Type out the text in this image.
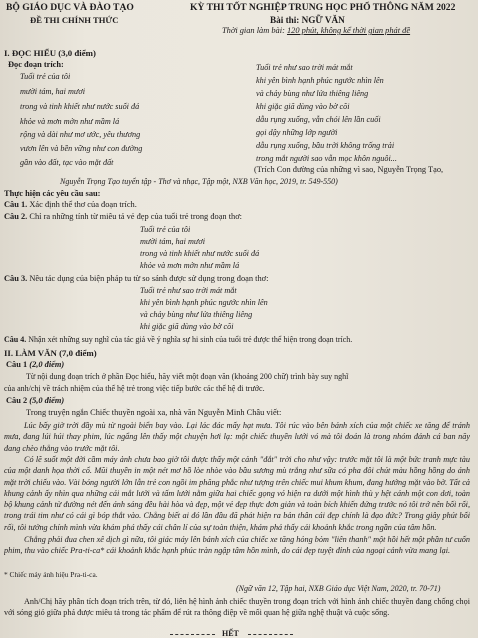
BỘ GIÁO DỤC VÀ ĐÀO TẠO	KỲ THI TỐT NGHIỆP TRUNG HỌC PHỔ THÔNG NĂM 2022
ĐỀ THI CHÍNH THỨC	Bài thi: NGỮ VĂN
Thời gian làm bài: 120 phút, không kể thời gian phát đề
I. ĐỌC HIỂU (3,0 điểm)
Đọc đoạn trích:
Tuổi trẻ của tôi
mười tám, hai mươi
trong và tinh khiết như nước suối đá
khỏe và mơn mởn như mầm lá
rộng và dài như mơ ước, yêu thương
vươn lên và bền vững như con đường
gần vào đất, tạc vào mặt đất
Tuổi trẻ như sao trời mát mắt
khi yên bình hạnh phúc ngước nhìn lên
và chảy bùng như lửa thiêng liêng
khi giặc giã dùng vào bờ cõi
dẫu rụng xuống, vẫn chói lên lần cuối
gọi dậy những lớp người
dẫu rụng xuống, bầu trời không trống trải
trong mắt người sao vẫn mọc khôn nguôi...
(Trích Con đường của những vì sao, Nguyễn Trọng Tạo,
Nguyễn Trọng Tạo tuyển tập - Thơ và nhạc, Tập một, NXB Văn học, 2019, tr. 549-550)
Thực hiện các yêu cầu sau:
Câu 1. Xác định thể thơ của đoạn trích.
Câu 2. Chỉ ra những tính từ miêu tả vẻ đẹp của tuổi trẻ trong đoạn thơ:
Tuổi trẻ của tôi
mười tám, hai mươi
trong và tinh khiết như nước suối đá
khỏe và mơn mởn như mầm lá
Câu 3. Nêu tác dụng của biện pháp tu từ so sánh được sử dụng trong đoạn thơ:
Tuổi trẻ như sao trời mát mắt
khi yên bình hạnh phúc ngước nhìn lên
và chảy bùng như lửa thiêng liêng
khi giặc giã dùng vào bờ cõi
Câu 4. Nhận xét những suy nghĩ của tác giả về ý nghĩa sự hi sinh của tuổi trẻ được thể hiện trong đoạn trích.
II. LÀM VĂN (7,0 điểm)
Câu 1 (2,0 điểm)
Từ nội dung đoạn trích ở phần Đọc hiểu, hãy viết một đoạn văn (khoảng 200 chữ) trình bày suy nghĩ
của anh/chị về trách nhiệm của thế hệ trẻ trong việc tiếp bước các thế hệ đi trước.
Câu 2 (5,0 điểm)
Trong truyện ngắn Chiếc thuyền ngoài xa, nhà văn Nguyễn Minh Châu viết:
Lúc bấy giờ trời đầy mù từ ngoài biển bay vào. Lại lác đác mấy hạt mưa. Tôi rúc vào bên bánh xích của một chiếc xe tăng để tránh mưa, đang lúi húi thay phim, lúc ngẩng lên thấy một chuyện hơi lạ: một chiếc thuyền lưới vó mà tôi đoán là trong nhóm đánh cá ban nãy đang chèo thẳng vào trước mặt tôi.
Có lẽ suốt một đời cầm máy ảnh chưa bao giờ tôi được thấy một cảnh "đắt" trời cho như vậy: trước mặt tôi là một bức tranh mực tàu của một danh họa thời cổ. Mũi thuyền in một nét mơ hồ lòe nhòe vào bầu sương mù trắng như sữa có pha đôi chút màu hồng hồng do ánh mặt trời chiếu vào. Vài bóng người lớn lẫn trẻ con ngồi im phăng phắc như tượng trên chiếc mui khum khum, đang hướng mặt vào bờ. Tất cả khung cảnh ấy nhìn qua những cái mắt lưới và tấm lưới nằm giữa hai chiếc gọng vó hiện ra dưới một hình thù y hệt cánh một con dơi, toàn bộ khung cảnh từ đường nét đến ánh sáng đều hài hòa và đẹp, một vẻ đẹp thực đơn giản và toàn bích khiến đứng trước nó tôi trở nên bối rối, trong trái tim như có cái gì bóp thắt vào. Chẳng biết ai đó lần đầu đã phát hiện ra bản thân cái đẹp chính là đạo đức? Trong giây phút bối rối, tôi tưởng chính mình vừa khám phá thấy cái chân lí của sự toàn thiện, khám phá thấy cái khoảnh khắc trong ngần của tâm hồn.
Chẳng phải đua chen xê dịch gì nữa, tôi giác máy lên bánh xích của chiếc xe tăng hỏng bỏm "liên thanh" một hồi hết một phần tư cuốn phim, thu vào chiếc Pra-ti-ca* cái khoảnh khắc hạnh phúc tràn ngập tâm hồn mình, do cái đẹp tuyệt đỉnh của ngoại cảnh vừa mang lại.
* Chiếc máy ảnh hiệu Pra-ti-ca.
(Ngữ văn 12, Tập hai, NXB Giáo dục Việt Nam, 2020, tr. 70-71)
Anh/Chị hãy phân tích đoạn trích trên, từ đó, liên hệ hình ảnh chiếc thuyền trong đoạn trích với hình ảnh chiếc thuyền đang chống chọi với sóng gió giữa phá được miêu tả trong tác phẩm để rút ra thông điệp về mối quan hệ giữa nghệ thuật và cuộc sống.
HẾT
